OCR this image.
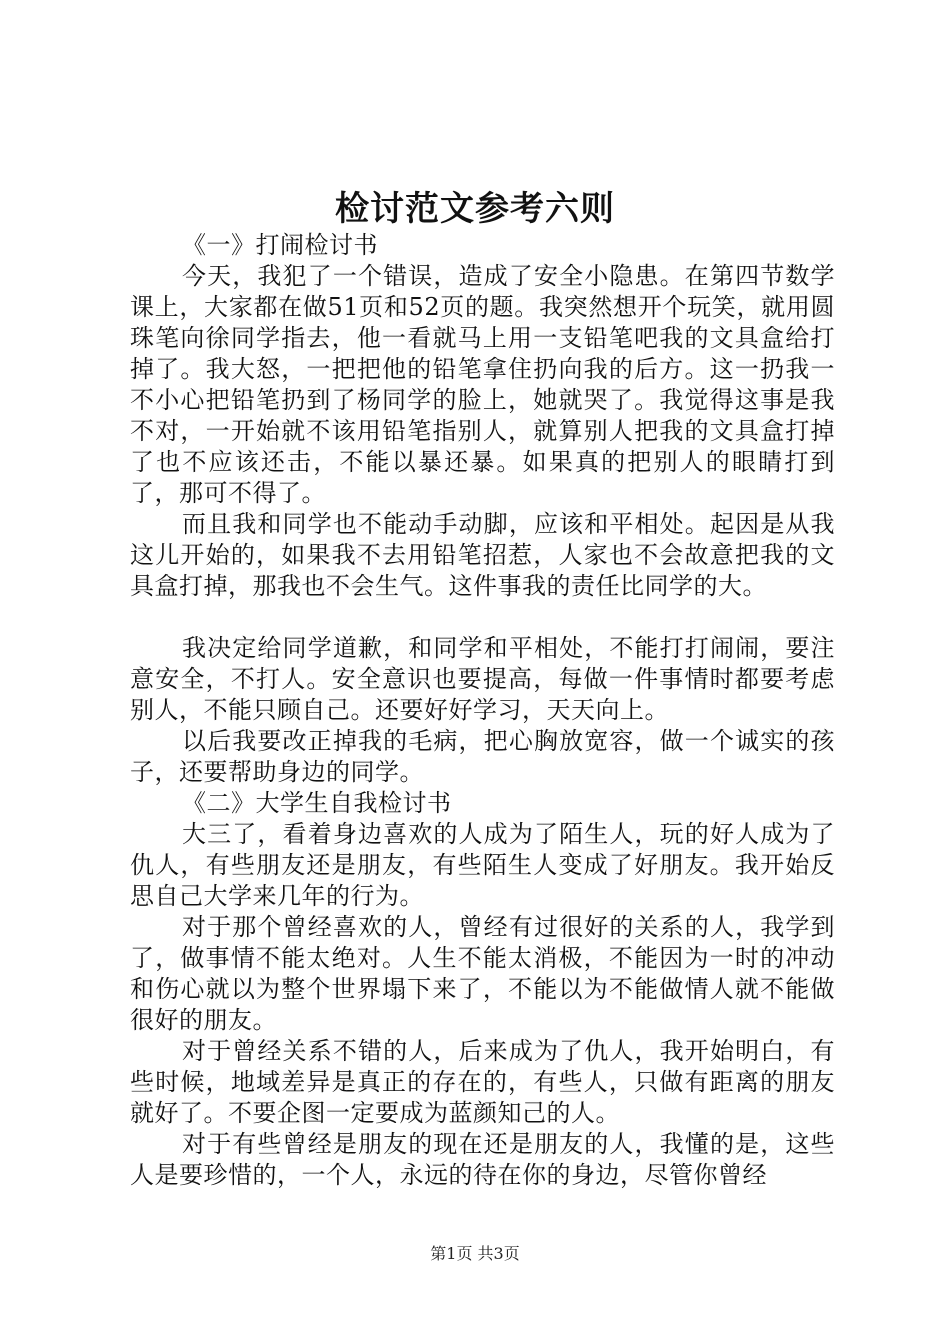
检讨范文参考六则

《一》打闹检讨书

今天，我犯了一个错误，造成了安全小隐患。在第四节数学课上，大家都在做51页和52页的题。我突然想开个玩笑，就用圆珠笔向徐同学指去，他一看就马上用一支铅笔吧我的文具盒给打掉了。我大怒，一把把他的铅笔拿住扔向我的后方。这一扔我一不小心把铅笔扔到了杨同学的脸上，她就哭了。我觉得这事是我不对，一开始就不该用铅笔指别人，就算别人把我的文具盒打掉了也不应该还击，不能以暴还暴。如果真的把别人的眼睛打到了，那可不得了。

而且我和同学也不能动手动脚，应该和平相处。起因是从我这儿开始的，如果我不去用铅笔招惹，人家也不会故意把我的文具盒打掉，那我也不会生气。这件事我的责任比同学的大。

我决定给同学道歉，和同学和平相处，不能打打闹闹，要注意安全，不打人。安全意识也要提高，每做一件事情时都要考虑别人，不能只顾自己。还要好好学习，天天向上。

以后我要改正掉我的毛病，把心胸放宽容，做一个诚实的孩子，还要帮助身边的同学。

《二》大学生自我检讨书

大三了，看着身边喜欢的人成为了陌生人，玩的好人成为了仇人，有些朋友还是朋友，有些陌生人变成了好朋友。我开始反思自己大学来几年的行为。

对于那个曾经喜欢的人，曾经有过很好的关系的人，我学到了，做事情不能太绝对。人生不能太消极，不能因为一时的冲动和伤心就以为整个世界塌下来了，不能以为不能做情人就不能做很好的朋友。

对于曾经关系不错的人，后来成为了仇人，我开始明白，有些时候，地域差异是真正的存在的，有些人，只做有距离的朋友就好了。不要企图一定要成为蓝颜知己的人。

对于有些曾经是朋友的现在还是朋友的人，我懂的是，这些人是要珍惜的，一个人，永远的待在你的身边，尽管你曾经

第1页 共3页
